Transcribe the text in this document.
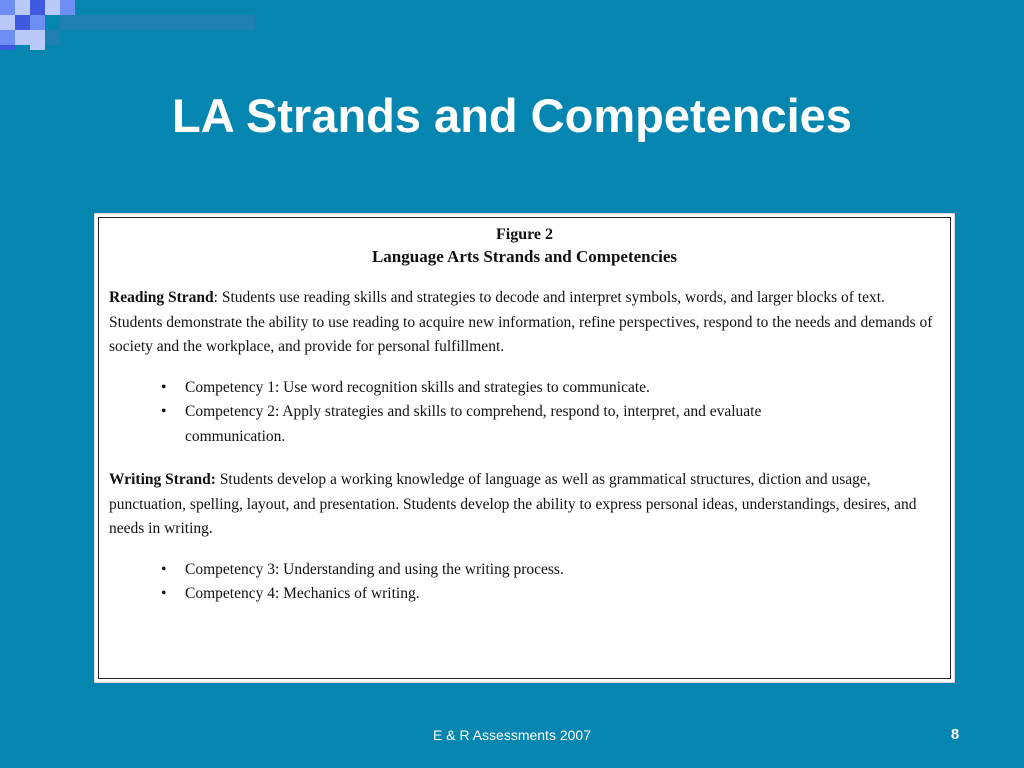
LA Strands and Competencies

Figure 2

Language Arts Strands and Competencies

Reading Strand: Students use reading skills and strategies to decode and interpret symbols, words, and larger blocks of text. Students demonstrate the ability to use reading to acquire new information, refine perspectives, respond to the needs and demands of society and the workplace, and provide for personal fulfillment.

• Competency 1: Use word recognition skills and strategies to communicate.
• Competency 2: Apply strategies and skills to comprehend, respond to, interpret, and evaluate communication.

Writing Strand: Students develop a working knowledge of language as well as grammatical structures, diction and usage, punctuation, spelling, layout, and presentation. Students develop the ability to express personal ideas, understandings, desires, and needs in writing.

• Competency 3: Understanding and using the writing process.
• Competency 4: Mechanics of writing.
E & R Assessments 2007	8
